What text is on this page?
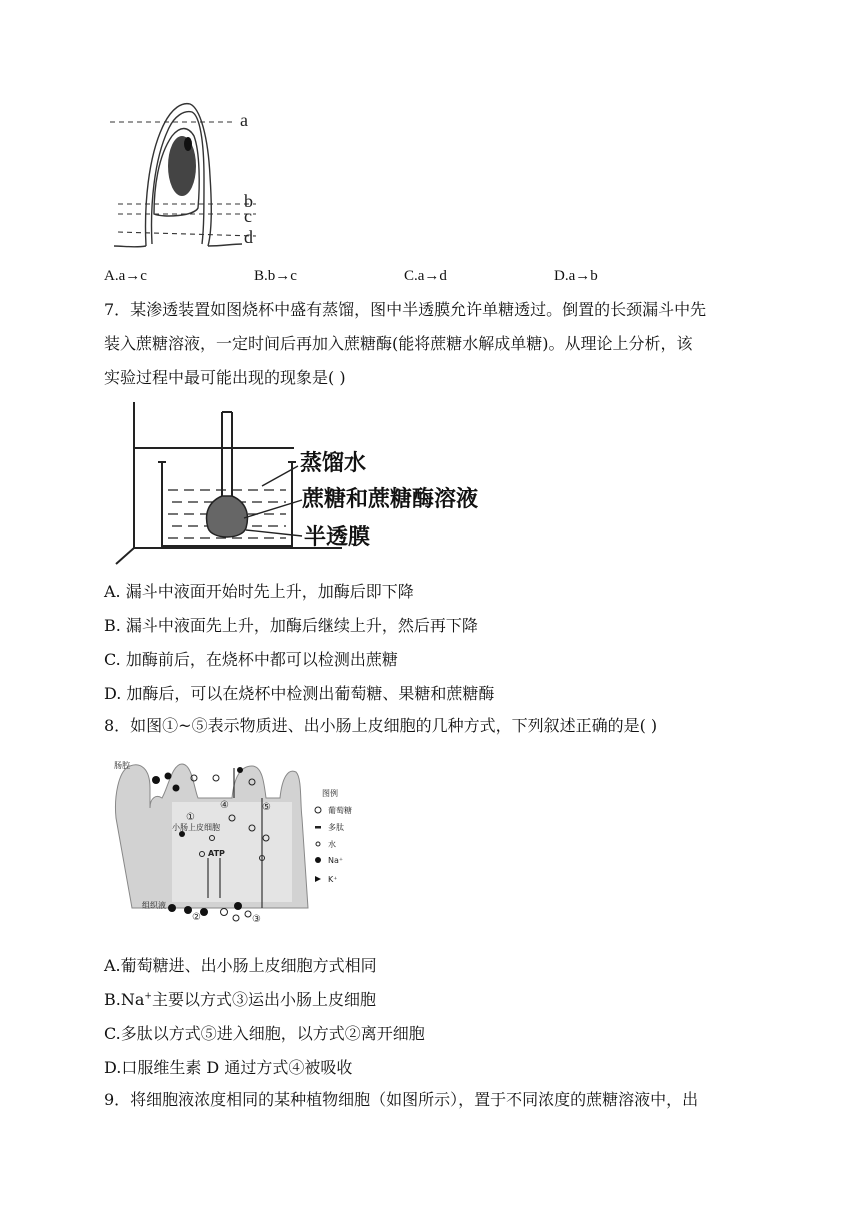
a
b
c
d
A.a→c	B.b→c	C.a→d	D.a→b
7．某渗透装置如图烧杯中盛有蒸馏，图中半透膜允许单糖透过。倒置的长颈漏斗中先
装入蔗糖溶液，一定时间后再加入蔗糖酶(能将蔗糖水解成单糖)。从理论上分析，该
实验过程中最可能出现的现象是( )
蒸馏水
蔗糖和蔗糖酶溶液
半透膜
A. 漏斗中液面开始时先上升，加酶后即下降
B. 漏斗中液面先上升，加酶后继续上升，然后再下降
C. 加酶前后，在烧杯中都可以检测出蔗糖
D. 加酶后，可以在烧杯中检测出葡萄糖、果糖和蔗糖酶
8．如图①~⑤表示物质进、出小肠上皮细胞的几种方式，下列叙述正确的是( )
肠腔
小肠上皮细胞
组织液
ATP
①
②	③
④	⑤
图例
葡萄糖
多肽
水
Na⁺
K⁺
A.葡萄糖进、出小肠上皮细胞方式相同
B.Na+主要以方式③运出小肠上皮细胞
C.多肽以方式⑤进入细胞，以方式②离开细胞
D.口服维生素 D 通过方式④被吸收
9．将细胞液浓度相同的某种植物细胞（如图所示），置于不同浓度的蔗糖溶液中，出
